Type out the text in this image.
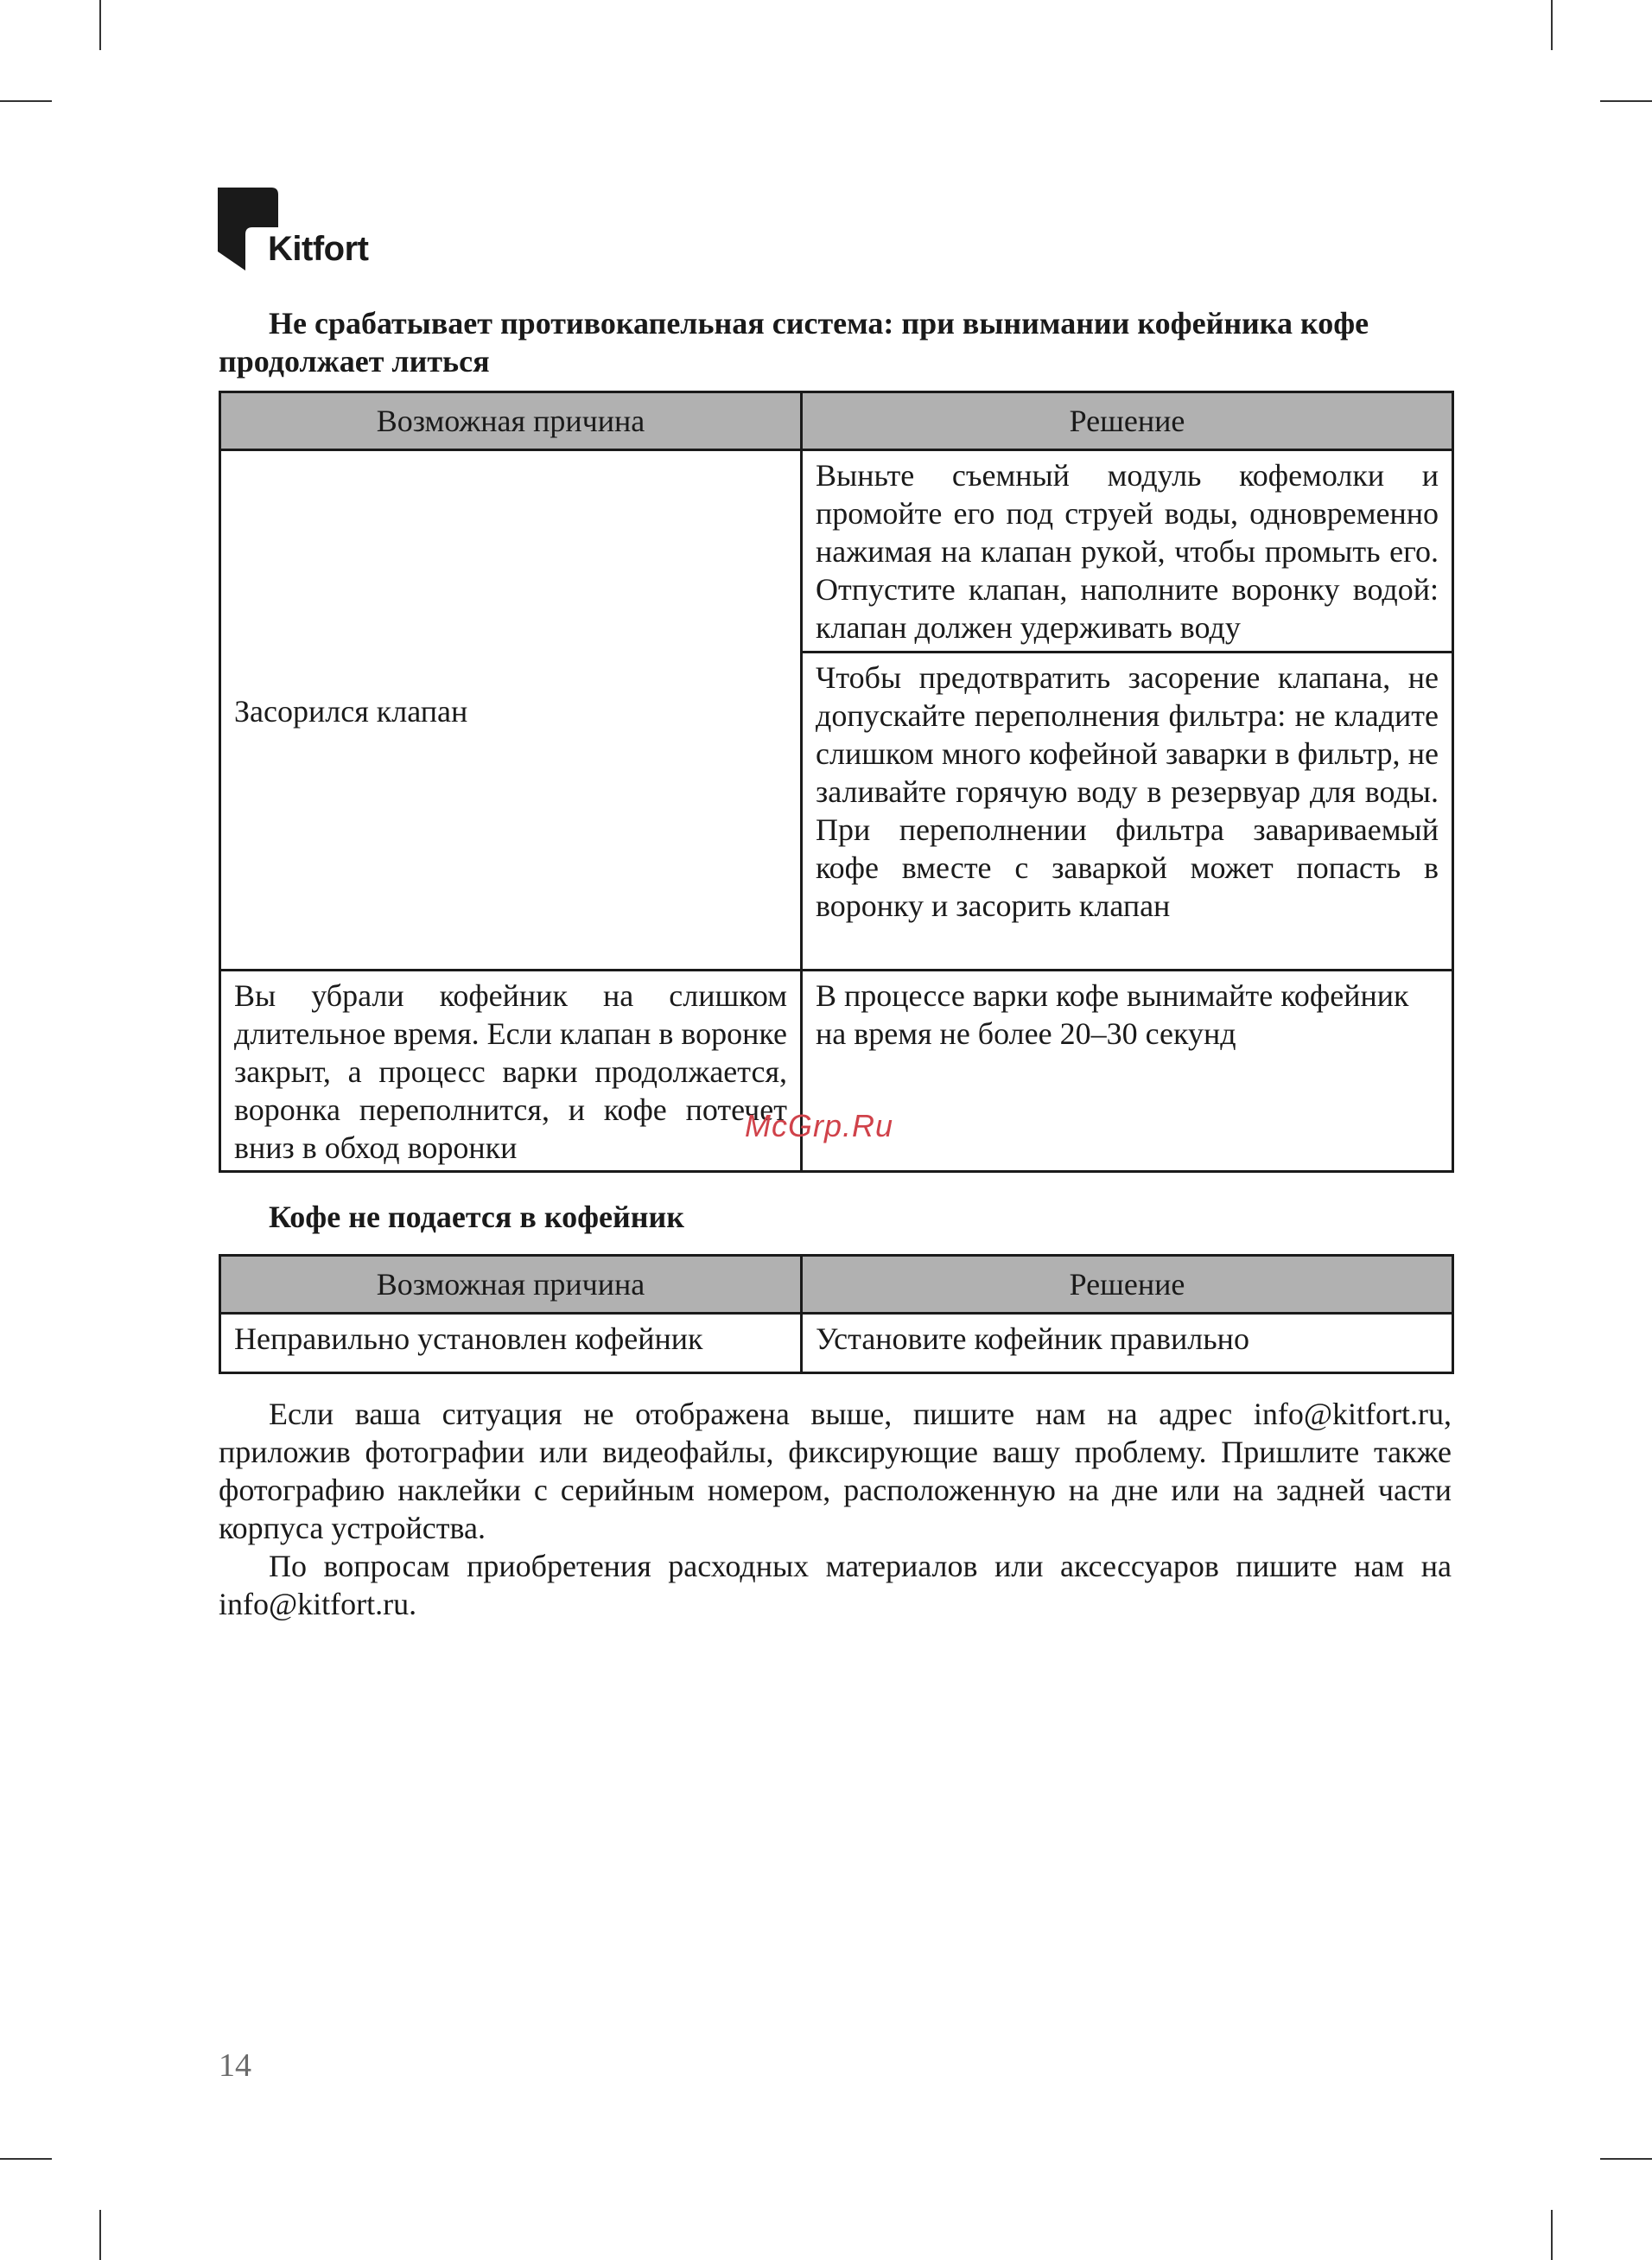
Kitfort

Не срабатывает противокапельная система: при вынимании кофейника кофе продолжает литься

Возможная причина	Решение
Засорился клапан	Выньте съемный модуль кофемолки и промойте его под струей воды, одновременно нажимая на клапан рукой, чтобы промыть его. Отпустите клапан, наполните воронку водой: клапан должен удерживать воду
	Чтобы предотвратить засорение клапана, не допускайте переполнения фильтра: не кладите слишком много кофейной заварки в фильтр, не заливайте горячую воду в резервуар для воды. При переполнении фильтра завариваемый кофе вместе с заваркой может попасть в воронку и засорить клапан
Вы убрали кофейник на слишком длительное время. Если клапан в воронке закрыт, а процесс варки продолжается, воронка переполнится, и кофе потечет вниз в обход воронки	В процессе варки кофе вынимайте кофейник на время не более 20–30 секунд

Кофе не подается в кофейник

Возможная причина	Решение
Неправильно установлен кофейник	Установите кофейник правильно

Если ваша ситуация не отображена выше, пишите нам на адрес info@kitfort.ru, приложив фотографии или видеофайлы, фиксирующие вашу проблему. Пришлите также фотографию наклейки с серийным номером, расположенную на дне или на задней части корпуса устройства.

По вопросам приобретения расходных материалов или аксессуаров пишите нам на info@kitfort.ru.

McGrp.Ru
14
